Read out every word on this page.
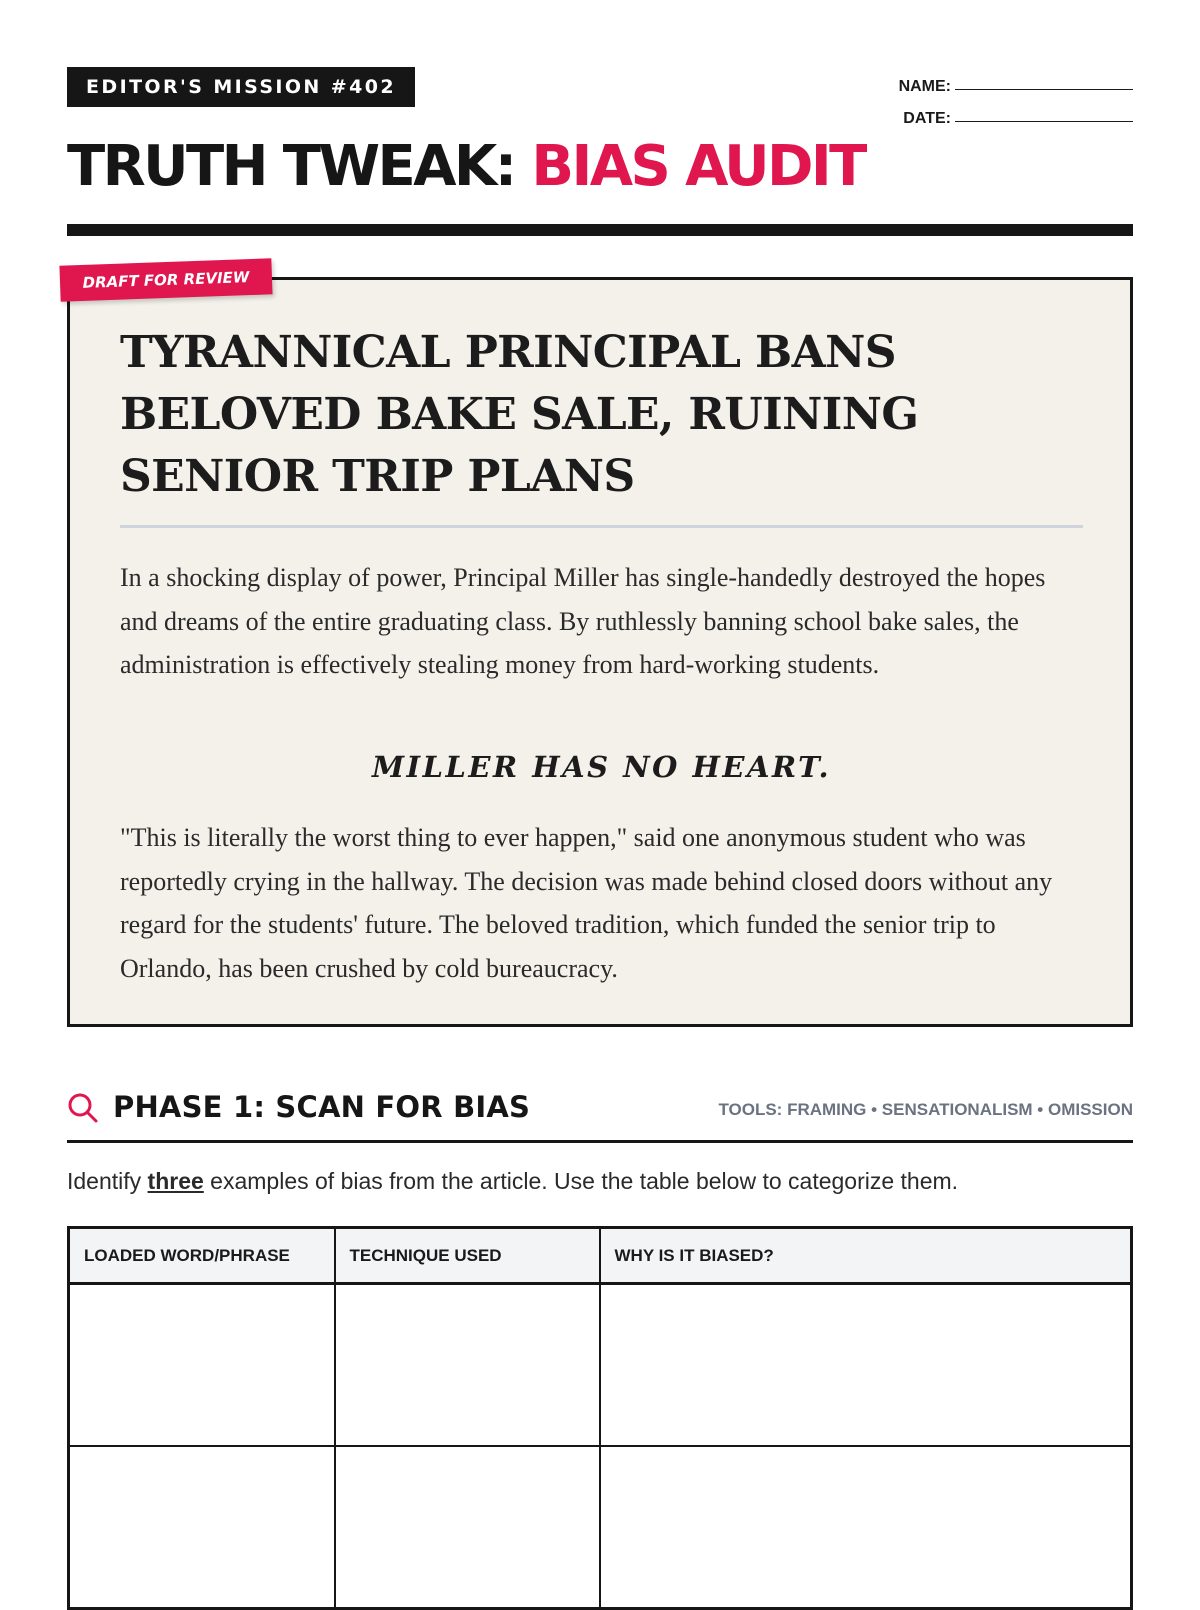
EDITOR'S MISSION #402	NAME:
DATE:
TRUTH TWEAK: BIAS AUDIT
DRAFT FOR REVIEW
TYRANNICAL PRINCIPAL BANS BELOVED BAKE SALE, RUINING SENIOR TRIP PLANS

In a shocking display of power, Principal Miller has single-handedly destroyed the hopes and dreams of the entire graduating class. By ruthlessly banning school bake sales, the administration is effectively stealing money from hard-working students.

MILLER HAS NO HEART.

"This is literally the worst thing to ever happen," said one anonymous student who was reportedly crying in the hallway. The decision was made behind closed doors without any regard for the students' future. The beloved tradition, which funded the senior trip to Orlando, has been crushed by cold bureaucracy.

PHASE 1: SCAN FOR BIAS	TOOLS: FRAMING • SENSATIONALISM • OMISSION

Identify three examples of bias from the article. Use the table below to categorize them.

LOADED WORD/PHRASE	TECHNIQUE USED	WHY IS IT BIASED?
